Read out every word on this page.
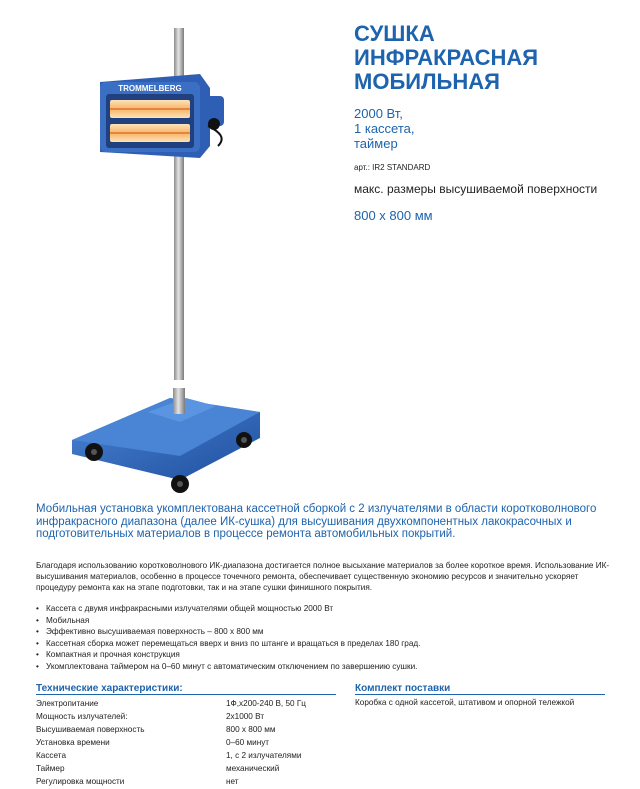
TROMMELBERG
СУШКА
ИНФРАКРАСНАЯ
МОБИЛЬНАЯ
2000 Вт,
1 кассета,
таймер
арт.: IR2 STANDARD
макс. размеры высушиваемой поверхности
800 х 800 мм

Мобильная установка укомплектована кассетной сборкой с 2 излучателями в области коротковолнового инфракрасного диапазона (далее ИК-сушка) для высушивания двухкомпонентных лакокрасочных и подготовительных материалов в процессе ремонта автомобильных покрытий.

Благодаря использованию коротковолнового ИК-диапазона достигается полное высыхание материалов за более короткое время. Использование ИК-высушивания материалов, особенно в процессе точечного ремонта, обеспечивает существенную экономию ресурсов и значительно ускоряет процедуру ремонта как на этапе подготовки, так и на этапе сушки финишного покрытия.

• Кассета с двумя инфракрасными излучателями общей мощностью 2000 Вт
• Мобильная
• Эффективно высушиваемая поверхность – 800 х 800 мм
• Кассетная сборка может перемещаться вверх и вниз по штанге и вращаться в пределах 180 град.
• Компактная и прочная конструкция
• Укомплектована таймером на 0–60 минут с автоматическим отключением по завершению сушки.
Технические характеристики:	Комплект поставки
Электропитание	1Ф,х200-240 В, 50 Гц
Мощность излучателей:	2х1000 Вт
Высушиваемая поверхность	800 х 800 мм
Установка времени	0–60 минут
Кассета	1, с 2 излучателями
Таймер	механический
Регулировка мощности	нет

Коробка с одной кассетой, штативом и опорной тележкой
